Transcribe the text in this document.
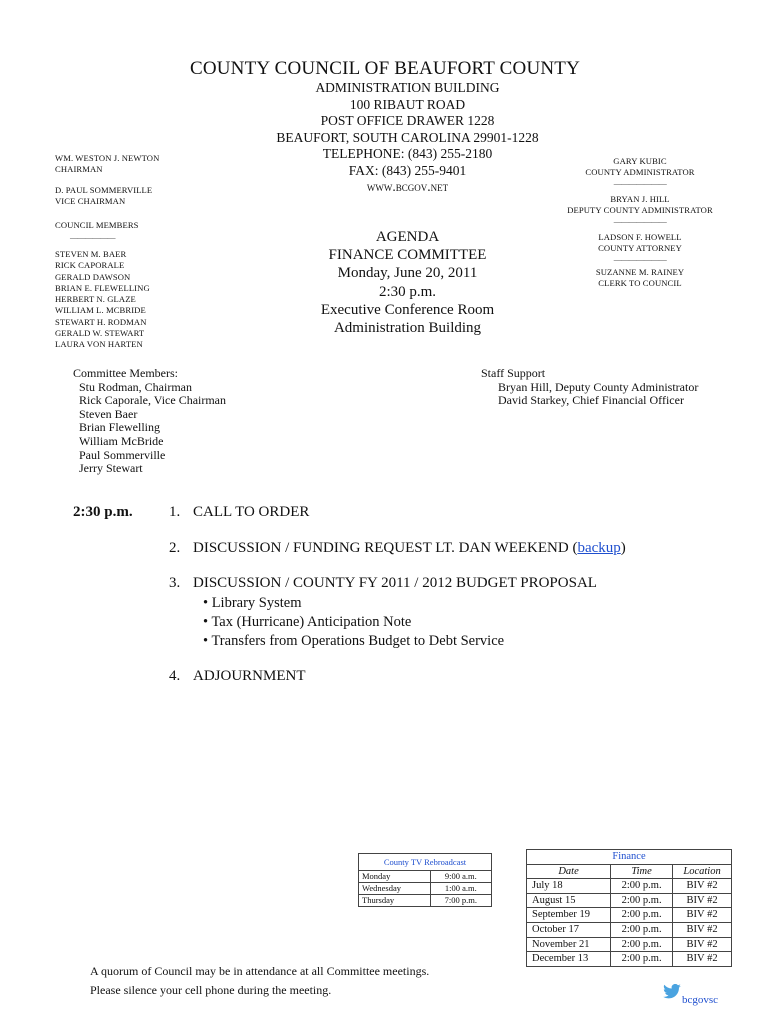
COUNTY COUNCIL OF BEAUFORT COUNTY
ADMINISTRATION BUILDING
100 RIBAUT ROAD
POST OFFICE DRAWER 1228
BEAUFORT, SOUTH CAROLINA 29901-1228
TELEPHONE: (843) 255-2180
FAX: (843) 255-9401
www.bcgov.net
WM. WESTON J. NEWTON
CHAIRMAN
D. PAUL SOMMERVILLE
VICE CHAIRMAN
COUNCIL MEMBERS
——————
STEVEN M. BAER
RICK CAPORALE
GERALD DAWSON
BRIAN E. FLEWELLING
HERBERT N. GLAZE
WILLIAM L. MCBRIDE
STEWART H. RODMAN
GERALD W. STEWART
LAURA VON HARTEN
GARY KUBIC
COUNTY ADMINISTRATOR
———————
BRYAN J. HILL
DEPUTY COUNTY ADMINISTRATOR
———————
LADSON F. HOWELL
COUNTY ATTORNEY
———————
SUZANNE M. RAINEY
CLERK TO COUNCIL
AGENDA
FINANCE COMMITTEE
Monday, June 20, 2011
2:30 p.m.
Executive Conference Room
Administration Building
Committee Members:
Stu Rodman, Chairman
Rick Caporale, Vice Chairman
Steven Baer
Brian Flewelling
William McBride
Paul Sommerville
Jerry Stewart
Staff Support
Bryan Hill, Deputy County Administrator
David Starkey, Chief Financial Officer
2:30 p.m. 1. CALL TO ORDER
2. DISCUSSION / FUNDING REQUEST LT. DAN WEEKEND (backup)
3. DISCUSSION / COUNTY FY 2011 / 2012 BUDGET PROPOSAL
• Library System
• Tax (Hurricane) Anticipation Note
• Transfers from Operations Budget to Debt Service
4. ADJOURNMENT
County TV Rebroadcast	
Monday	9:00 a.m.
Wednesday	1:00 a.m.
Thursday	7:00 p.m.
Finance		
Date	Time	Location
July 18	2:00 p.m.	BIV #2
August 15	2:00 p.m.	BIV #2
September 19	2:00 p.m.	BIV #2
October 17	2:00 p.m.	BIV #2
November 21	2:00 p.m.	BIV #2
December 13	2:00 p.m.	BIV #2
A quorum of Council may be in attendance at all Committee meetings.
Please silence your cell phone during the meeting.
bcgovsc
